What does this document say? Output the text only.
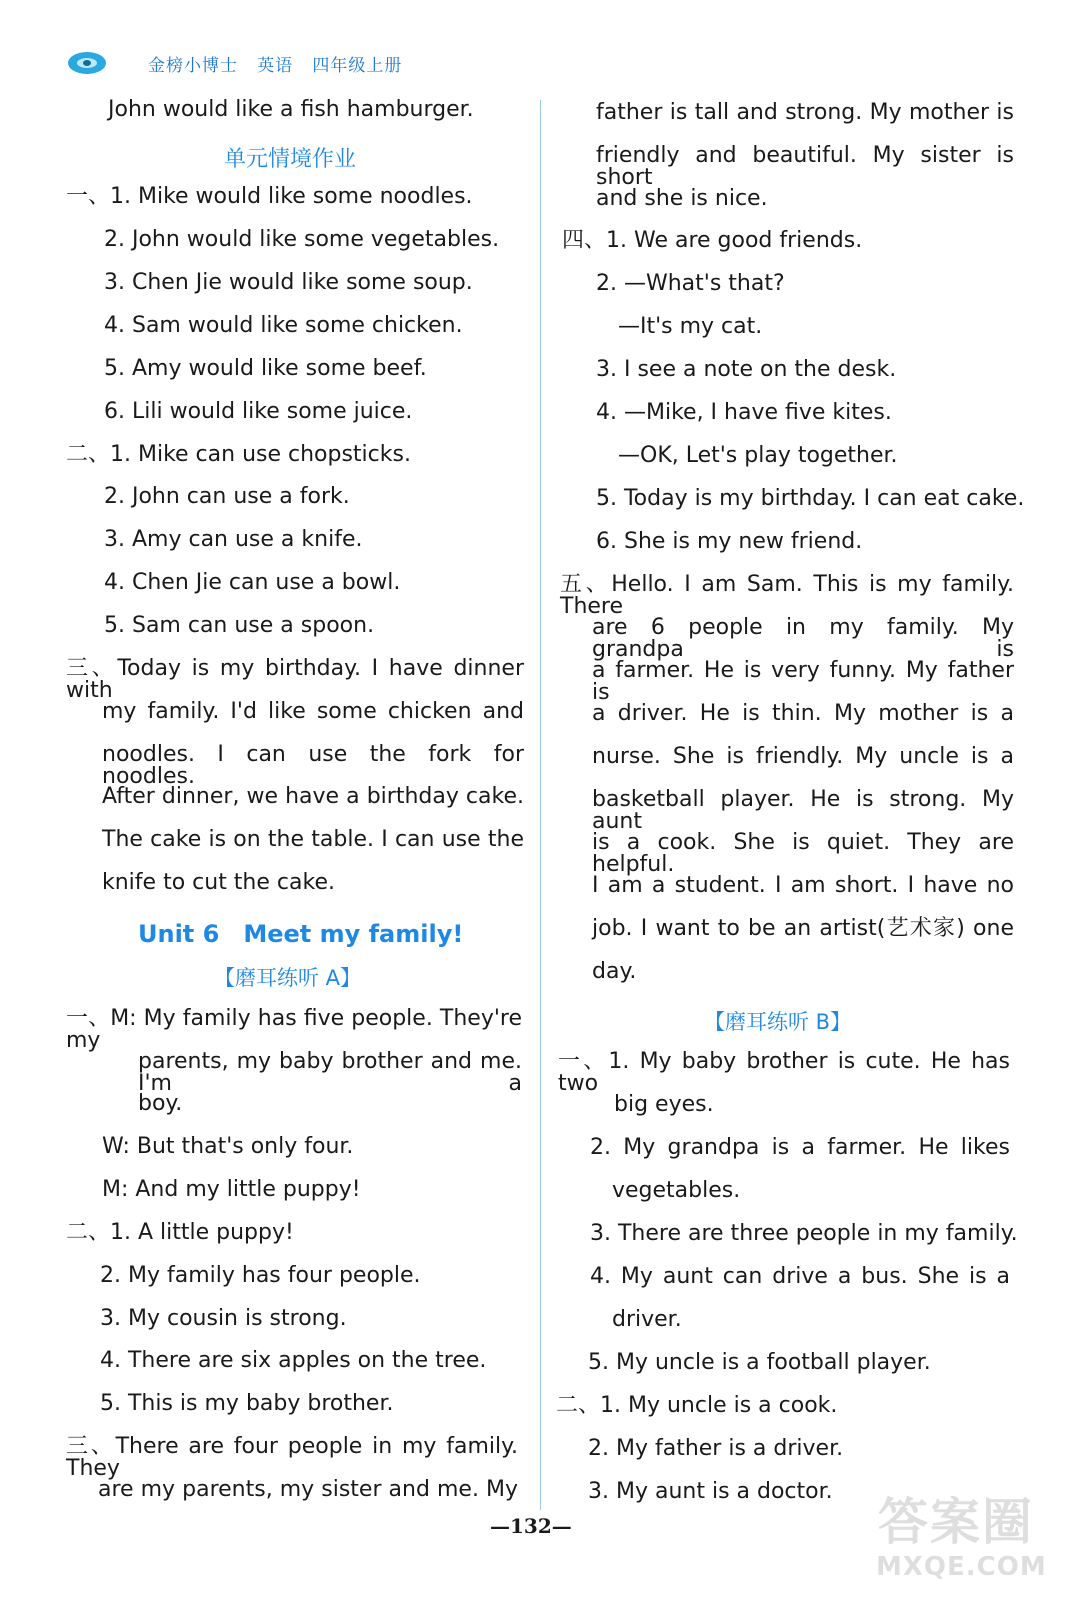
金榜小博士   英语   四年级上册
John would like a fish hamburger.
单元情境作业
一、1. Mike would like some noodles.
2. John would like some vegetables.
3. Chen Jie would like some soup.
4. Sam would like some chicken.
5. Amy would like some beef.
6. Lili would like some juice.
二、1. Mike can use chopsticks.
2. John can use a fork.
3. Amy can use a knife.
4. Chen Jie can use a bowl.
5. Sam can use a spoon.
三、Today is my birthday. I have dinner with
my family. I'd like some chicken and
noodles. I can use the fork for noodles.
After dinner, we have a birthday cake.
The cake is on the table. I can use the
knife to cut the cake.
Unit 6　Meet my family!
【磨耳练听 A】
一、M: My family has five people. They're my
parents, my baby brother and me. I'm a
boy.
W: But that's only four.
M: And my little puppy!
二、1. A little puppy!
2. My family has four people.
3. My cousin is strong.
4. There are six apples on the tree.
5. This is my baby brother.
三、There are four people in my family. They
are my parents, my sister and me. My
father is tall and strong. My mother is
friendly and beautiful. My sister is short
and she is nice.
四、1. We are good friends.
2. —What's that?
—It's my cat.
3. I see a note on the desk.
4. —Mike, I have five kites.
—OK, Let's play together.
5. Today is my birthday. I can eat cake.
6. She is my new friend.
五、Hello. I am Sam. This is my family. There
are 6 people in my family. My grandpa is
a farmer. He is very funny. My father is
a driver. He is thin. My mother is a
nurse. She is friendly. My uncle is a
basketball player. He is strong. My aunt
is a cook. She is quiet. They are helpful.
I am a student. I am short. I have no
job. I want to be an artist(艺术家) one
day.
【磨耳练听 B】
一、1. My baby brother is cute. He has two
big eyes.
2. My grandpa is a farmer. He likes
vegetables.
3. There are three people in my family.
4. My aunt can drive a bus. She is a
driver.
5. My uncle is a football player.
二、1. My uncle is a cook.
2. My father is a driver.
3. My aunt is a doctor.
—132—	答案圈
MXQE.COM
